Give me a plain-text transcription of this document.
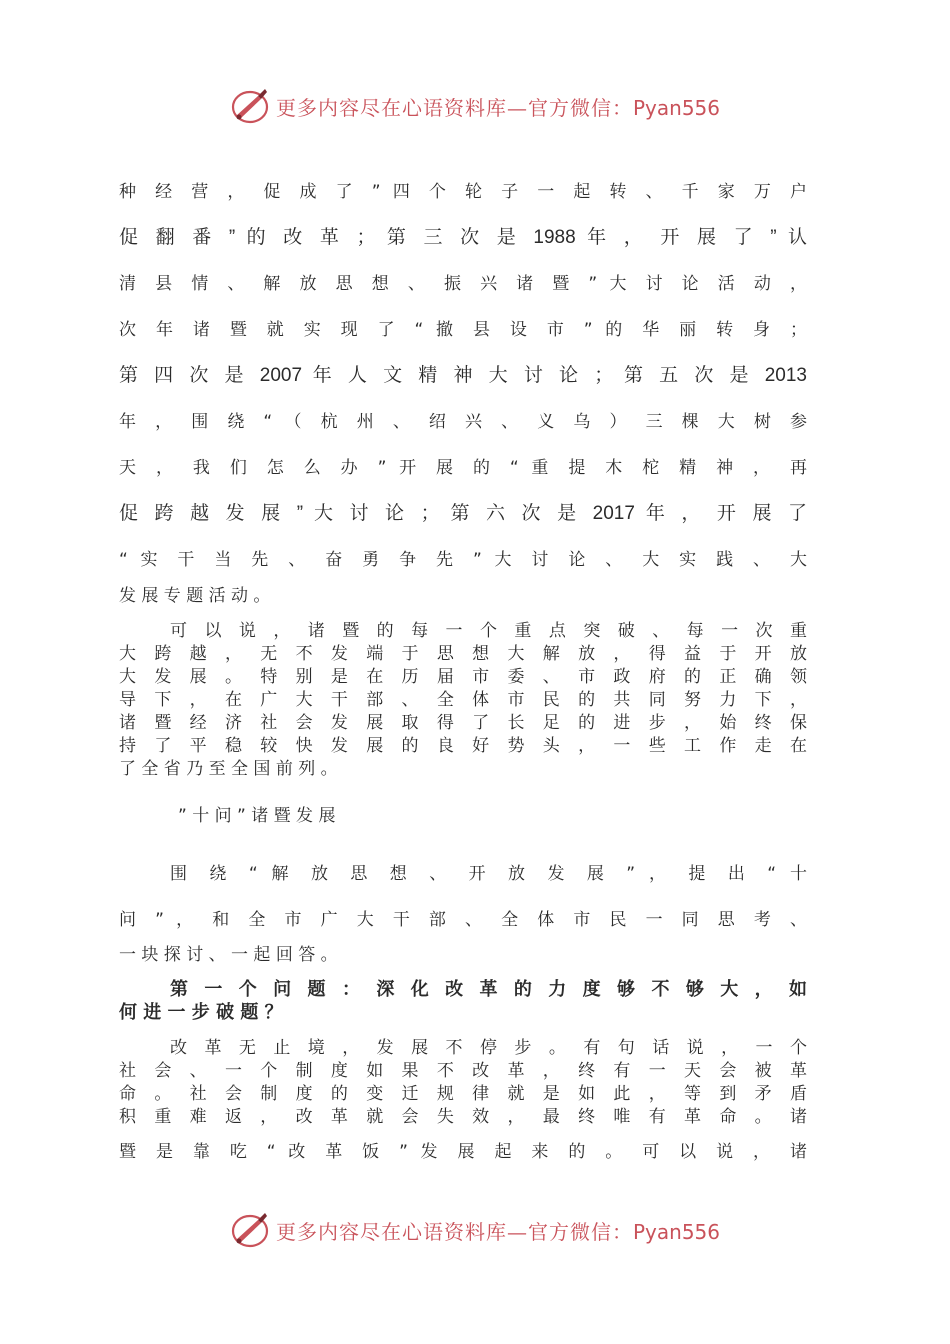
更多内容尽在心语资料库—官方微信：Pyan556
种 经 营 ， 促 成 了 ” 四 个 轮 子 一 起 转 、 千 家 万 户
促 翻 番 ” 的 改 革 ； 第 三 次 是 1988 年 ， 开 展 了 ” 认
清 县 情 、 解 放 思 想 、 振 兴 诸 暨 ” 大 讨 论 活 动 ，
次 年 诸 暨 就 实 现 了 “ 撤 县 设 市 ” 的 华 丽 转 身 ；
第 四 次 是 2007 年 人 文 精 神 大 讨 论 ； 第 五 次 是 2013
年 ， 围 绕 “ （ 杭 州 、 绍 兴 、 义 乌 ） 三 棵 大 树 参
天 ， 我 们 怎 么 办 ” 开 展 的 “ 重 提 木 柁 精 神 ， 再
促 跨 越 发 展 ” 大 讨 论 ； 第 六 次 是 2017 年 ， 开 展 了
“ 实 干 当 先 、 奋 勇 争 先 ” 大 讨 论 、 大 实 践 、 大
发 展 专 题 活 动 。
可 以 说 ， 诸 暨 的 每 一 个 重 点 突 破 、 每 一 次 重
大 跨 越 ， 无 不 发 端 于 思 想 大 解 放 ， 得 益 于 开 放
大 发 展 。 特 别 是 在 历 届 市 委 、 市 政 府 的 正 确 领
导 下 ， 在 广 大 干 部 、 全 体 市 民 的 共 同 努 力 下 ，
诸 暨 经 济 社 会 发 展 取 得 了 长 足 的 进 步 ， 始 终 保
持 了 平 稳 较 快 发 展 的 良 好 势 头 ， 一 些 工 作 走 在
了 全 省 乃 至 全 国 前 列 。
” 十 问 ” 诸 暨 发 展
围 绕 “ 解 放 思 想 、 开 放 发 展 ” ， 提 出 “ 十
问 ” ， 和 全 市 广 大 干 部 、 全 体 市 民 一 同 思 考 、
一 块 探 讨 、 一 起 回 答 。
第 一 个 问 题 ： 深 化 改 革 的 力 度 够 不 够 大 ， 如
何 进 一 步 破 题 ？
改 革 无 止 境 ， 发 展 不 停 步 。 有 句 话 说 ， 一 个
社 会 、 一 个 制 度 如 果 不 改 革 ， 终 有 一 天 会 被 革
命 。 社 会 制 度 的 变 迁 规 律 就 是 如 此 ， 等 到 矛 盾
积 重 难 返 ， 改 革 就 会 失 效 ， 最 终 唯 有 革 命 。 诸
暨 是 靠 吃 “ 改 革 饭 ” 发 展 起 来 的 。 可 以 说 ， 诸
更多内容尽在心语资料库—官方微信：Pyan556
